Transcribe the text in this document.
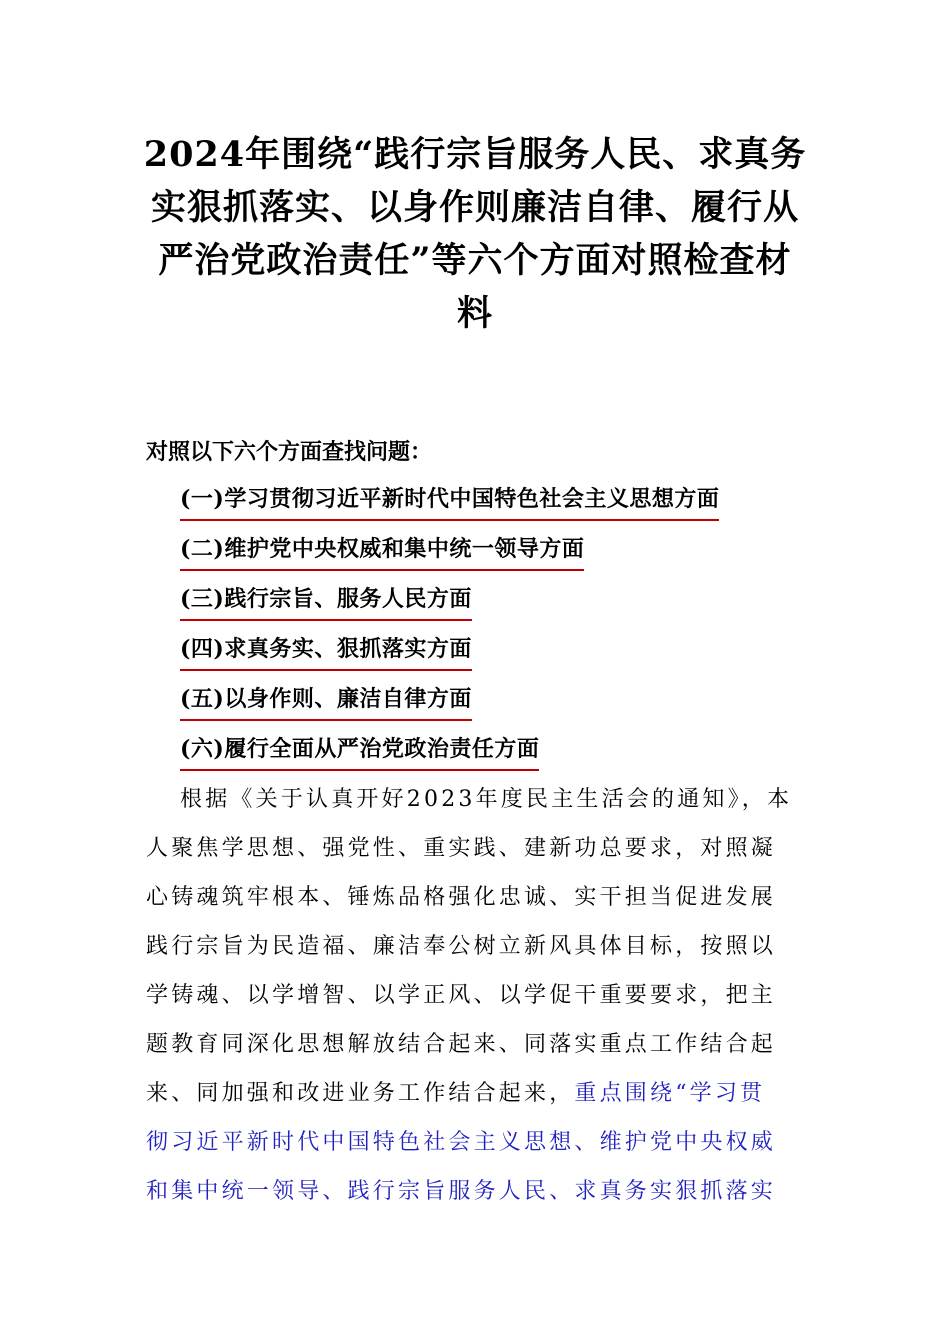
2024年围绕“践行宗旨服务人民、求真务
实狠抓落实、以身作则廉洁自律、履行从
严治党政治责任”等六个方面对照检查材
料
对照以下六个方面查找问题：
(一)学习贯彻习近平新时代中国特色社会主义思想方面
(二)维护党中央权威和集中统一领导方面
(三)践行宗旨、服务人民方面
(四)求真务实、狠抓落实方面
(五)以身作则、廉洁自律方面
(六)履行全面从严治党政治责任方面
根据《关于认真开好2023年度民主生活会的通知》，本
人聚焦学思想、强党性、重实践、建新功总要求，对照凝
心铸魂筑牢根本、锤炼品格强化忠诚、实干担当促进发展
践行宗旨为民造福、廉洁奉公树立新风具体目标，按照以
学铸魂、以学增智、以学正风、以学促干重要要求，把主
题教育同深化思想解放结合起来、同落实重点工作结合起
来、同加强和改进业务工作结合起来，重点围绕“学习贯
彻习近平新时代中国特色社会主义思想、维护党中央权威
和集中统一领导、践行宗旨服务人民、求真务实狠抓落实
